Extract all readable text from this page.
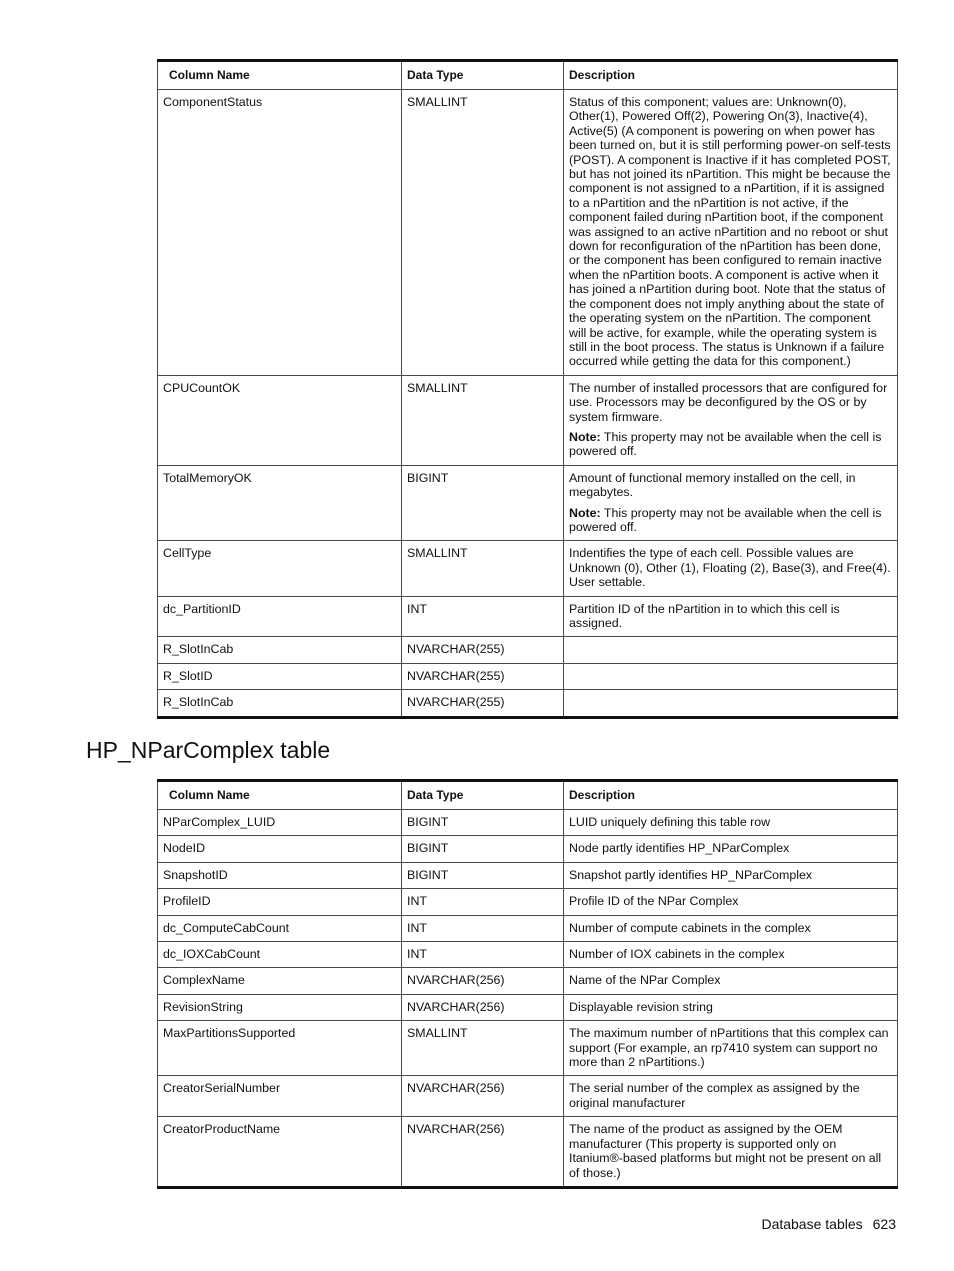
Column Name	Data Type	Description
ComponentStatus	SMALLINT	Status of this component; values are: Unknown(0), Other(1), Powered Off(2), Powering On(3), Inactive(4), Active(5) (A component is powering on when power has been turned on, but it is still performing power-on self-tests (POST). A component is Inactive if it has completed POST, but has not joined its nPartition. This might be because the component is not assigned to a nPartition, if it is assigned to a nPartition and the nPartition is not active, if the component failed during nPartition boot, if the component was assigned to an active nPartition and no reboot or shut down for reconfiguration of the nPartition has been done, or the component has been configured to remain inactive when the nPartition boots. A component is active when it has joined a nPartition during boot. Note that the status of the component does not imply anything about the state of the operating system on the nPartition. The component will be active, for example, while the operating system is still in the boot process. The status is Unknown if a failure occurred while getting the data for this component.)

CPUCountOK	SMALLINT	The number of installed processors that are configured for use. Processors may be deconfigured by the OS or by system firmware.

Note: This property may not be available when the cell is powered off.

TotalMemoryOK	BIGINT	Amount of functional memory installed on the cell, in megabytes.

Note: This property may not be available when the cell is powered off.

CellType	SMALLINT	Indentifies the type of each cell. Possible values are Unknown (0), Other (1), Floating (2), Base(3), and Free(4). User settable.

dc_PartitionID	INT	Partition ID of the nPartition in to which this cell is assigned.

R_SlotInCab	NVARCHAR(255)	

R_SlotID	NVARCHAR(255)	

R_SlotInCab	NVARCHAR(255)	

HP_NParComplex table
Column Name	Data Type	Description
NParComplex_LUID	BIGINT	LUID uniquely defining this table row

NodeID	BIGINT	Node partly identifies HP_NParComplex

SnapshotID	BIGINT	Snapshot partly identifies HP_NParComplex

ProfileID	INT	Profile ID of the NPar Complex

dc_ComputeCabCount	INT	Number of compute cabinets in the complex

dc_IOXCabCount	INT	Number of IOX cabinets in the complex

ComplexName	NVARCHAR(256)	Name of the NPar Complex

RevisionString	NVARCHAR(256)	Displayable revision string

MaxPartitionsSupported	SMALLINT	The maximum number of nPartitions that this complex can support (For example, an rp7410 system can support no more than 2 nPartitions.)

CreatorSerialNumber	NVARCHAR(256)	The serial number of the complex as assigned by the original manufacturer

CreatorProductName	NVARCHAR(256)	The name of the product as assigned by the OEM manufacturer (This property is supported only on Itanium®-based platforms but might not be present on all of those.)

Database tables 623
